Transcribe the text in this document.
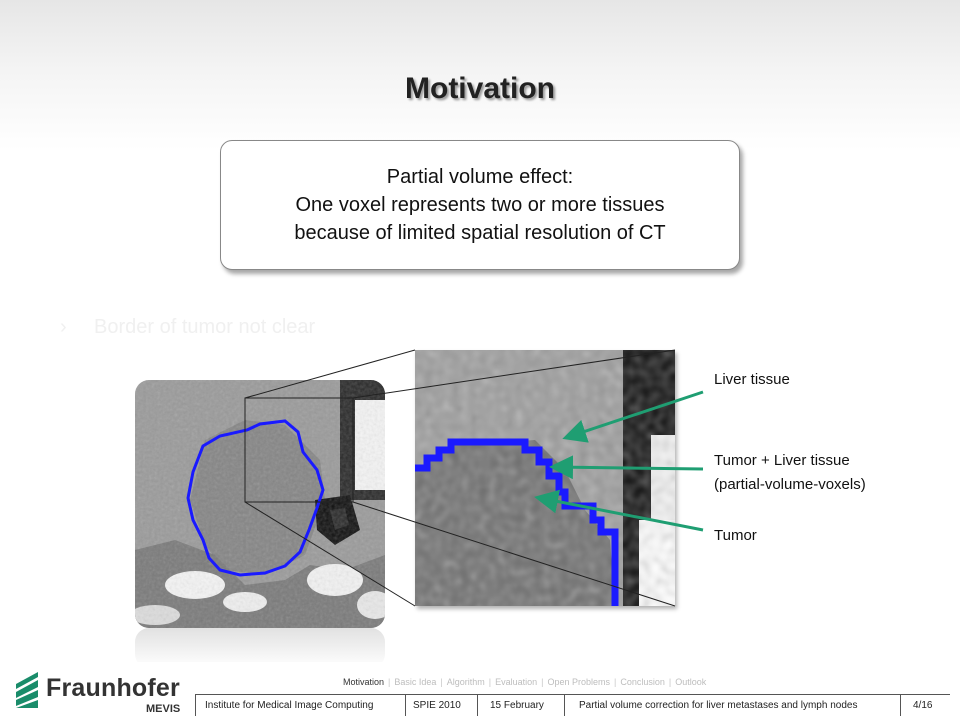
Motivation
Partial volume effect:
One voxel represents two or more tissues
because of limited spatial resolution of CT
› Border of tumor not clear
Liver tissue
Tumor + Liver tissue
(partial-volume-voxels)
Tumor
Fraunhofer
MEVIS
Motivation | Basic Idea | Algorithm | Evaluation | Open Problems | Conclusion | Outlook
Institute for Medical Image Computing	SPIE 2010	15 February	Partial volume correction for liver metastases and lymph nodes	4/16
